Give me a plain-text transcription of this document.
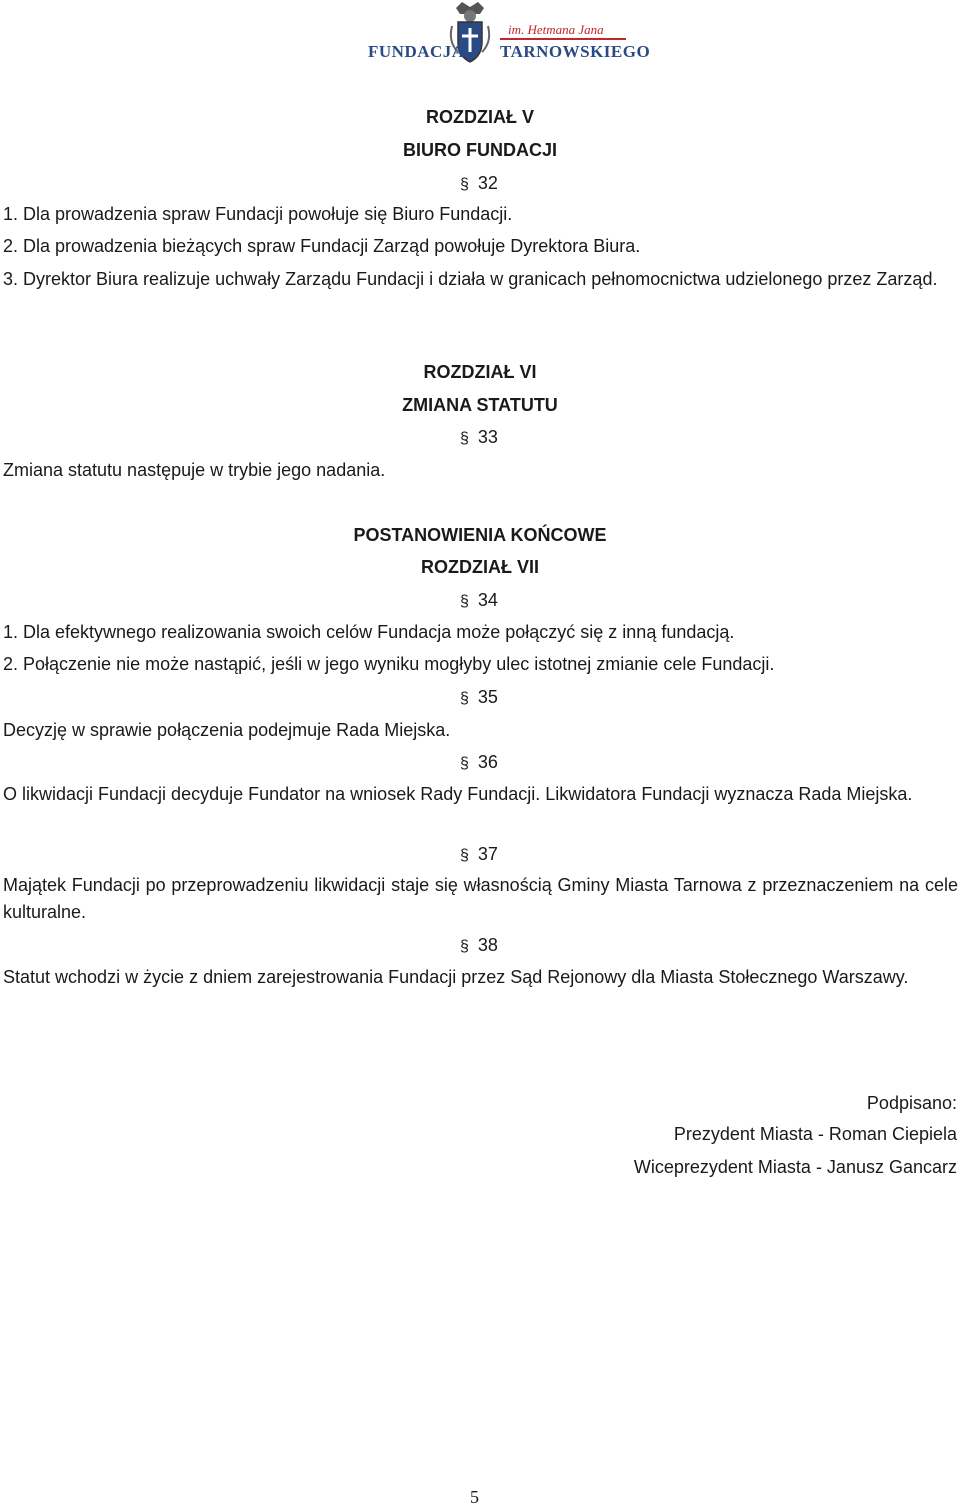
im. Hetmana Jana
FUNDACJA TARNOWSKIEGO
ROZDZIAŁ V
BIURO FUNDACJI
§ 32
1. Dla prowadzenia spraw Fundacji powołuje się Biuro Fundacji.
2. Dla prowadzenia bieżących spraw Fundacji Zarząd powołuje Dyrektora Biura.
3. Dyrektor Biura realizuje uchwały Zarządu Fundacji i działa w granicach pełnomocnictwa udzielonego przez Zarząd.
ROZDZIAŁ VI
ZMIANA STATUTU
§ 33
Zmiana statutu następuje w trybie jego nadania.
POSTANOWIENIA KOŃCOWE
ROZDZIAŁ VII
§ 34
1. Dla efektywnego realizowania swoich celów Fundacja może połączyć się z inną fundacją.
2. Połączenie nie może nastąpić, jeśli w jego wyniku mogłyby ulec istotnej zmianie cele Fundacji.
§ 35
Decyzję w sprawie połączenia podejmuje Rada Miejska.
§ 36
O likwidacji Fundacji decyduje Fundator na wniosek Rady Fundacji. Likwidatora Fundacji wyznacza Rada Miejska.
§ 37
Majątek Fundacji po przeprowadzeniu likwidacji staje się własnością Gminy Miasta Tarnowa z przeznaczeniem na cele kulturalne.
§ 38
Statut wchodzi w życie z dniem zarejestrowania Fundacji przez Sąd Rejonowy dla Miasta Stołecznego Warszawy.
Podpisano:
Prezydent Miasta - Roman Ciepiela
Wiceprezydent Miasta - Janusz Gancarz
5
